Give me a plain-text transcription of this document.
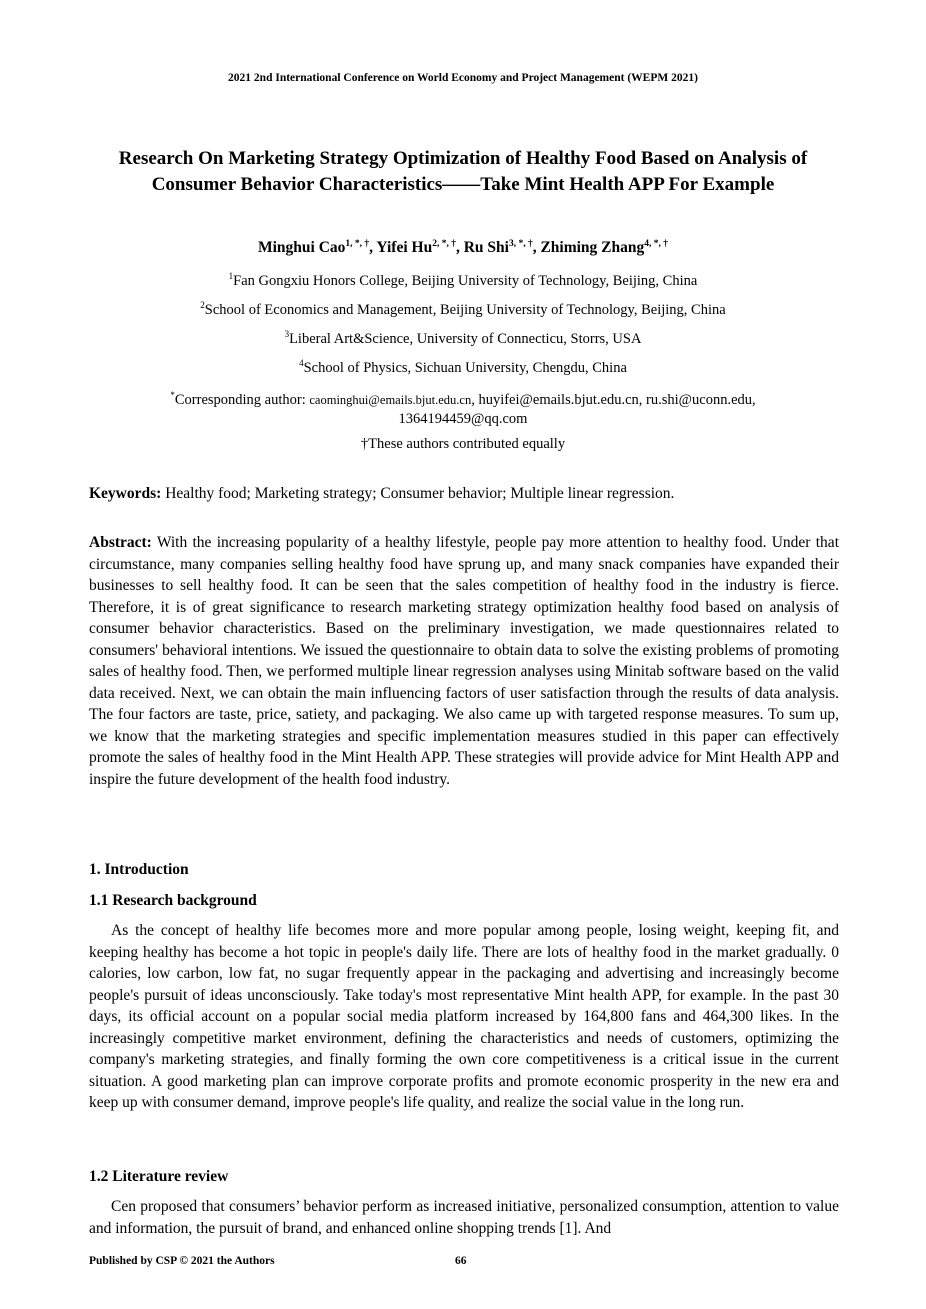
2021 2nd International Conference on World Economy and Project Management (WEPM 2021)
Research On Marketing Strategy Optimization of Healthy Food Based on Analysis of Consumer Behavior Characteristics——Take Mint Health APP For Example
Minghui Cao$^{1, *, \dagger}$, Yifei $Hu^{2, *, \dagger}$, Ru Shi$^{3, *, \dagger}$, Zhiming Zhang$^{4, *, \dagger}$
$^1$Fan Gongxiu Honors College, Beijing University of Technology, Beijing, China
$^2$School of Economics and Management, Beijing University of Technology, Beijing, China
$^3$Liberal Art&Science, University of Connecticu, Storrs, USA
$^4$School of Physics, Sichuan University, Chengdu, China
*Corresponding author: caominghui@emails.bjut.edu.cn, huyifei@emails.bjut.edu.cn, ru.shi@uconn.edu,
1364194459@qq.com
†These authors contributed equally
Keywords: Healthy food; Marketing strategy; Consumer behavior; Multiple linear regression.
Abstract: With the increasing popularity of a healthy lifestyle, people pay more attention to healthy food. Under that circumstance, many companies selling healthy food have sprung up, and many snack companies have expanded their businesses to sell healthy food. It can be seen that the sales competition of healthy food in the industry is fierce. Therefore, it is of great significance to research marketing strategy optimization healthy food based on analysis of consumer behavior characteristics. Based on the preliminary investigation, we made questionnaires related to consumers' behavioral intentions. We issued the questionnaire to obtain data to solve the existing problems of promoting sales of healthy food. Then, we performed multiple linear regression analyses using Minitab software based on the valid data received. Next, we can obtain the main influencing factors of user satisfaction through the results of data analysis. The four factors are taste, price, satiety, and packaging. We also came up with targeted response measures. To sum up, we know that the marketing strategies and specific implementation measures studied in this paper can effectively promote the sales of healthy food in the Mint Health APP. These strategies will provide advice for Mint Health APP and inspire the future development of the health food industry.
1. Introduction
1.1 Research background
As the concept of healthy life becomes more and more popular among people, losing weight, keeping fit, and keeping healthy has become a hot topic in people's daily life. There are lots of healthy food in the market gradually. 0 calories, low carbon, low fat, no sugar frequently appear in the packaging and advertising and increasingly become people's pursuit of ideas unconsciously. Take today's most representative Mint health APP, for example. In the past 30 days, its official account on a popular social media platform increased by 164,800 fans and 464,300 likes. In the increasingly competitive market environment, defining the characteristics and needs of customers, optimizing the company's marketing strategies, and finally forming the own core competitiveness is a critical issue in the current situation. A good marketing plan can improve corporate profits and promote economic prosperity in the new era and keep up with consumer demand, improve people's life quality, and realize the social value in the long run.
1.2 Literature review
Cen proposed that consumers’ behavior perform as increased initiative, personalized consumption, attention to value and information, the pursuit of brand, and enhanced online shopping trends [1]. And
Published by CSP © 2021 the Authors	66
